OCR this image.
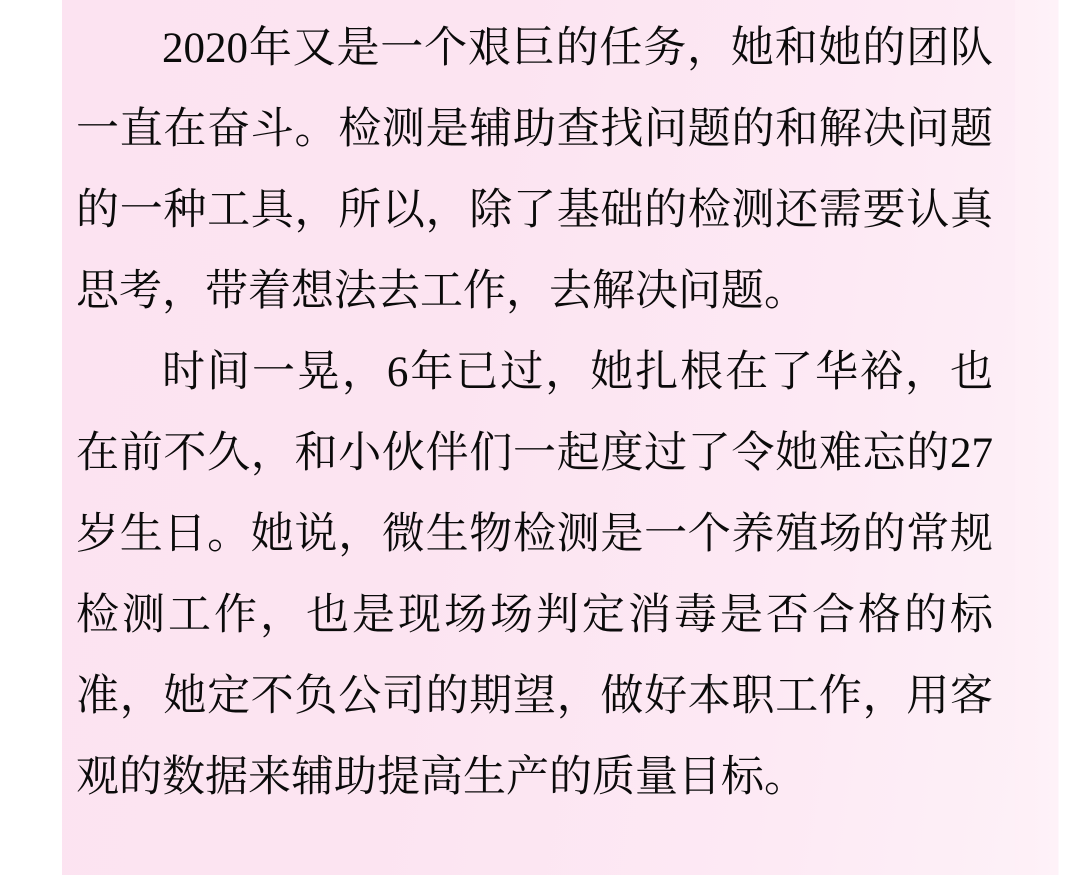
2020年又是一个艰巨的任务，她和她的团队一直在奋斗。检测是辅助查找问题的和解决问题的一种工具，所以，除了基础的检测还需要认真思考，带着想法去工作，去解决问题。

时间一晃，6年已过，她扎根在了华裕，也在前不久，和小伙伴们一起度过了令她难忘的27岁生日。她说，微生物检测是一个养殖场的常规检测工作，也是现场场判定消毒是否合格的标准，她定不负公司的期望，做好本职工作，用客观的数据来辅助提高生产的质量目标。
